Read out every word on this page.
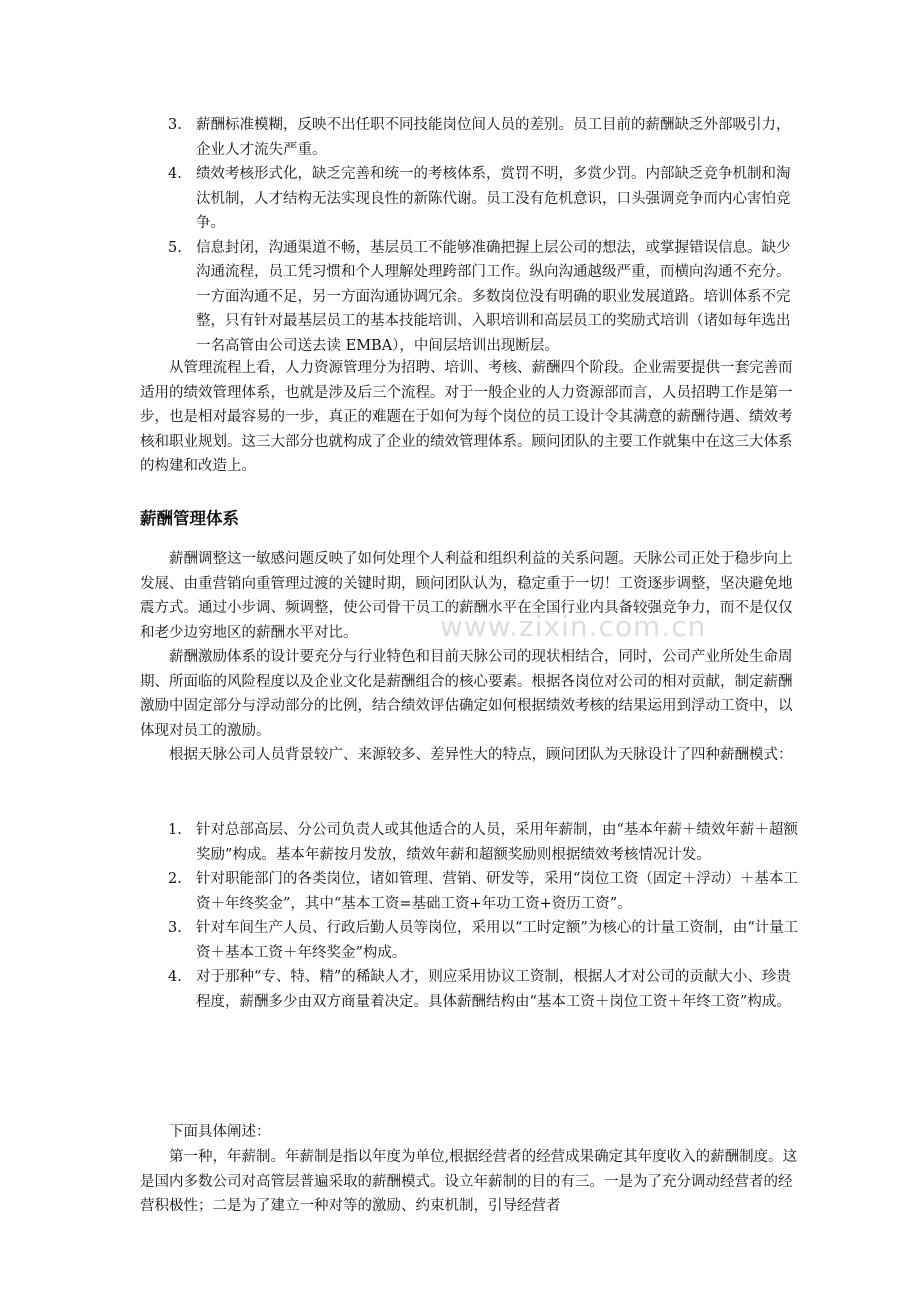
3. 薪酬标准模糊，反映不出任职不同技能岗位间人员的差别。员工目前的薪酬缺乏外部吸引力，企业人才流失严重。
4. 绩效考核形式化，缺乏完善和统一的考核体系，赏罚不明，多赏少罚。内部缺乏竞争机制和淘汰机制，人才结构无法实现良性的新陈代谢。员工没有危机意识，口头强调竞争而内心害怕竞争。
5. 信息封闭，沟通渠道不畅，基层员工不能够准确把握上层公司的想法，或掌握错误信息。缺少沟通流程，员工凭习惯和个人理解处理跨部门工作。纵向沟通越级严重，而横向沟通不充分。一方面沟通不足，另一方面沟通协调冗余。多数岗位没有明确的职业发展道路。培训体系不完整，只有针对最基层员工的基本技能培训、入职培训和高层员工的奖励式培训（诸如每年选出一名高管由公司送去读 EMBA），中间层培训出现断层。

从管理流程上看，人力资源管理分为招聘、培训、考核、薪酬四个阶段。企业需要提供一套完善而适用的绩效管理体系，也就是涉及后三个流程。对于一般企业的人力资源部而言，人员招聘工作是第一步，也是相对最容易的一步，真正的难题在于如何为每个岗位的员工设计令其满意的薪酬待遇、绩效考核和职业规划。这三大部分也就构成了企业的绩效管理体系。顾问团队的主要工作就集中在这三大体系的构建和改造上。

薪酬管理体系

薪酬调整这一敏感问题反映了如何处理个人利益和组织利益的关系问题。天脉公司正处于稳步向上发展、由重营销向重管理过渡的关键时期，顾问团队认为，稳定重于一切！工资逐步调整，坚决避免地震方式。通过小步调、频调整，使公司骨干员工的薪酬水平在全国行业内具备较强竞争力，而不是仅仅和老少边穷地区的薪酬水平对比。

薪酬激励体系的设计要充分与行业特色和目前天脉公司的现状相结合，同时，公司产业所处生命周期、所面临的风险程度以及企业文化是薪酬组合的核心要素。根据各岗位对公司的相对贡献，制定薪酬激励中固定部分与浮动部分的比例，结合绩效评估确定如何根据绩效考核的结果运用到浮动工资中，以体现对员工的激励。

根据天脉公司人员背景较广、来源较多、差异性大的特点，顾问团队为天脉设计了四种薪酬模式：

www.zixin.com.cn
1. 针对总部高层、分公司负责人或其他适合的人员，采用年薪制，由“基本年薪＋绩效年薪＋超额奖励”构成。基本年薪按月发放，绩效年薪和超额奖励则根据绩效考核情况计发。
2. 针对职能部门的各类岗位，诸如管理、营销、研发等，采用“岗位工资（固定＋浮动）＋基本工资＋年终奖金”，其中“基本工资=基础工资+年功工资+资历工资”。
3. 针对车间生产人员、行政后勤人员等岗位，采用以“工时定额”为核心的计量工资制，由“计量工资＋基本工资＋年终奖金”构成。
4. 对于那种“专、特、精”的稀缺人才，则应采用协议工资制，根据人才对公司的贡献大小、珍贵程度，薪酬多少由双方商量着决定。具体薪酬结构由“基本工资＋岗位工资＋年终工资”构成。

下面具体阐述：

第一种，年薪制。年薪制是指以年度为单位,根据经营者的经营成果确定其年度收入的薪酬制度。这是国内多数公司对高管层普遍采取的薪酬模式。设立年薪制的目的有三。一是为了充分调动经营者的经营积极性；二是为了建立一种对等的激励、约束机制，引导经营者
